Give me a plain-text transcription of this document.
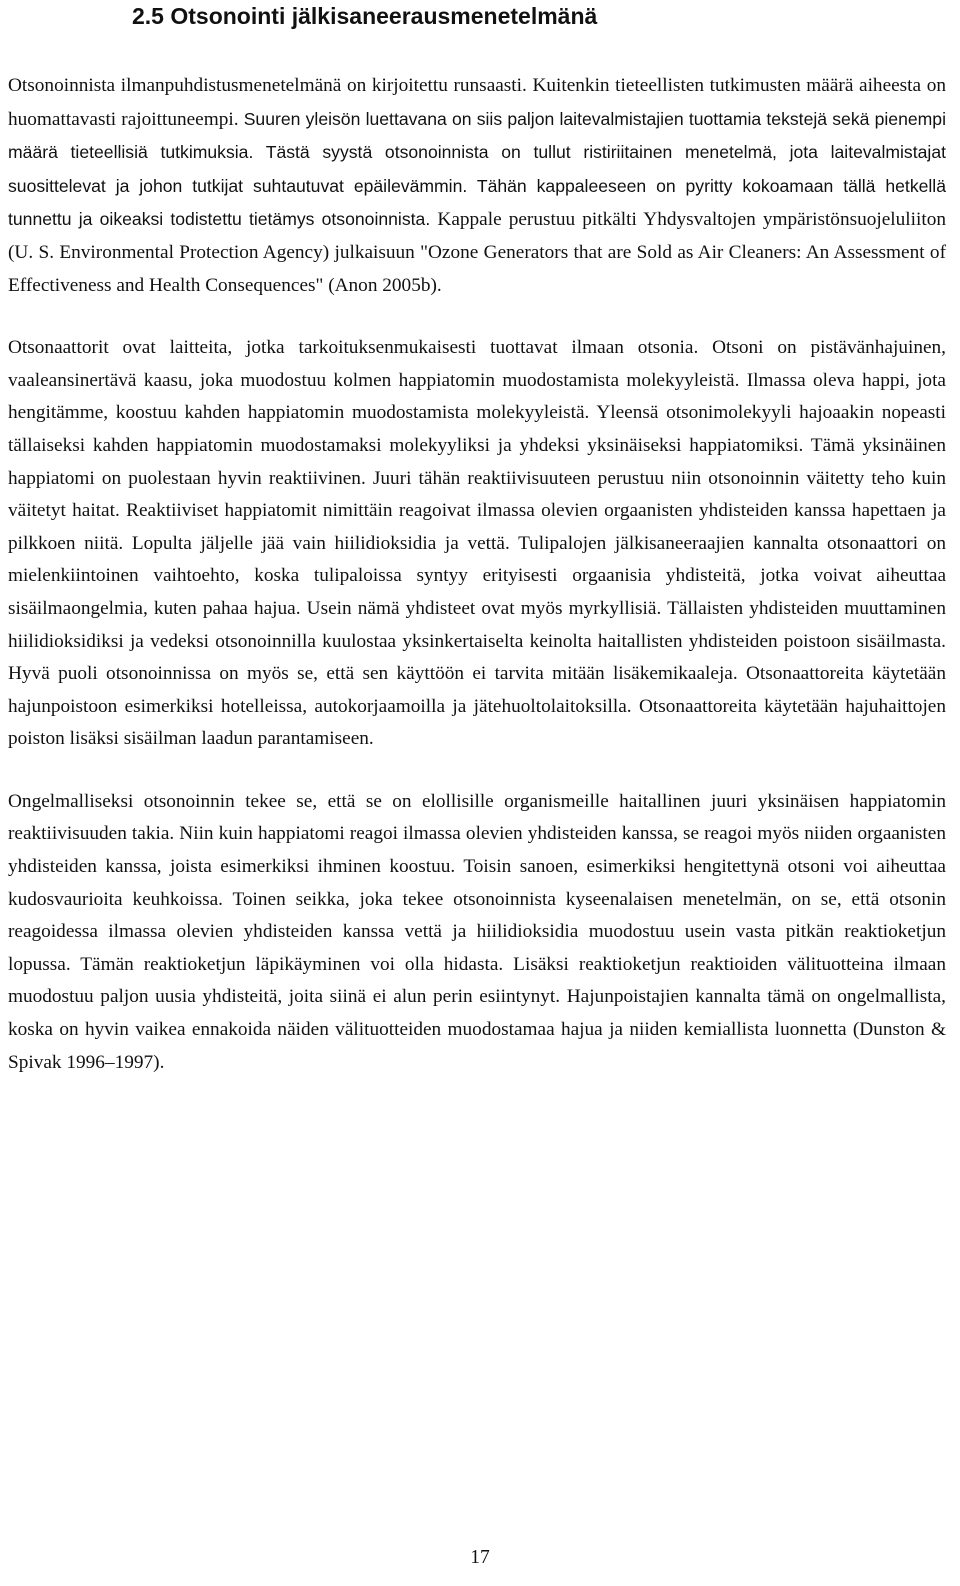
2.5 Otsonointi jälkisaneerausmenetelmänä

Otsonoinnista ilmanpuhdistusmenetelmänä on kirjoitettu runsaasti. Kuitenkin tieteellisten tutkimusten määrä aiheesta on huomattavasti rajoittuneempi. Suuren yleisön luettavana on siis paljon laitevalmistajien tuottamia tekstejä sekä pienempi määrä tieteellisiä tutkimuksia. Tästä syystä otsonoinnista on tullut ristiriitainen menetelmä, jota laitevalmistajat suosittelevat ja johon tutkijat suhtautuvat epäilevämmin. Tähän kappaleeseen on pyritty kokoamaan tällä hetkellä tunnettu ja oikeaksi todistettu tietämys otsonoinnista. Kappale perustuu pitkälti Yhdysvaltojen ympäristönsuojeluliiton (U. S. Environmental Protection Agency) julkaisuun "Ozone Generators that are Sold as Air Cleaners: An Assessment of Effectiveness and Health Consequences" (Anon 2005b).

Otsonaattorit ovat laitteita, jotka tarkoituksenmukaisesti tuottavat ilmaan otsonia. Otsoni on pistävänhajuinen, vaaleansinertävä kaasu, joka muodostuu kolmen happiatomin muodostamista molekyyleistä. Ilmassa oleva happi, jota hengitämme, koostuu kahden happiatomin muodostamista molekyyleistä. Yleensä otsonimolekyyli hajoaakin nopeasti tällaiseksi kahden happiatomin muodostamaksi molekyyliksi ja yhdeksi yksinäiseksi happiatomiksi. Tämä yksinäinen happiatomi on puolestaan hyvin reaktiivinen. Juuri tähän reaktiivisuuteen perustuu niin otsonoinnin väitetty teho kuin väitetyt haitat. Reaktiiviset happiatomit nimittäin reagoivat ilmassa olevien orgaanisten yhdisteiden kanssa hapettaen ja pilkkoen niitä. Lopulta jäljelle jää vain hiilidioksidia ja vettä. Tulipalojen jälkisaneeraajien kannalta otsonaattori on mielenkiintoinen vaihtoehto, koska tulipaloissa syntyy erityisesti orgaanisia yhdisteitä, jotka voivat aiheuttaa sisäilmaongelmia, kuten pahaa hajua. Usein nämä yhdisteet ovat myös myrkyllisiä. Tällaisten yhdisteiden muuttaminen hiilidioksidiksi ja vedeksi otsonoinnilla kuulostaa yksinkertaiselta keinolta haitallisten yhdisteiden poistoon sisäilmasta. Hyvä puoli otsonoinnissa on myös se, että sen käyttöön ei tarvita mitään lisäkemikaaleja. Otsonaattoreita käytetään hajunpoistoon esimerkiksi hotelleissa, autokorjaamoilla ja jätehuoltolaitoksilla. Otsonaattoreita käytetään hajuhaittojen poiston lisäksi sisäilman laadun parantamiseen.

Ongelmalliseksi otsonoinnin tekee se, että se on elollisille organismeille haitallinen juuri yksinäisen happiatomin reaktiivisuuden takia. Niin kuin happiatomi reagoi ilmassa olevien yhdisteiden kanssa, se reagoi myös niiden orgaanisten yhdisteiden kanssa, joista esimerkiksi ihminen koostuu. Toisin sanoen, esimerkiksi hengitettynä otsoni voi aiheuttaa kudosvaurioita keuhkoissa. Toinen seikka, joka tekee otsonoinnista kyseenalaisen menetelmän, on se, että otsonin reagoidessa ilmassa olevien yhdisteiden kanssa vettä ja hiilidioksidia muodostuu usein vasta pitkän reaktioketjun lopussa. Tämän reaktioketjun läpikäyminen voi olla hidasta. Lisäksi reaktioketjun reaktioiden välituotteina ilmaan muodostuu paljon uusia yhdisteitä, joita siinä ei alun perin esiintynyt. Hajunpoistajien kannalta tämä on ongelmallista, koska on hyvin vaikea ennakoida näiden välituotteiden muodostamaa hajua ja niiden kemiallista luonnetta (Dunston & Spivak 1996–1997).

17
